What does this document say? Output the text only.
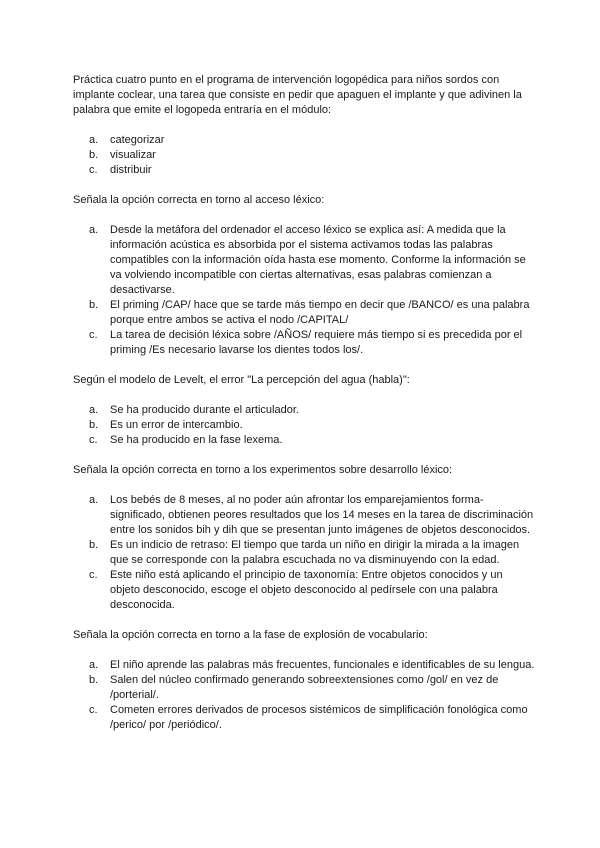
Práctica cuatro punto en el programa de intervención logopédica para niños sordos con implante coclear, una tarea que consiste en pedir que apaguen el implante y que adivinen la palabra que emite el logopeda entraría en el módulo:

a. categorizar
b. visualizar
c. distribuir

Señala la opción correcta en torno al acceso léxico:

a. Desde la metáfora del ordenador el acceso léxico se explica así: A medida que la información acústica es absorbida por el sistema activamos todas las palabras compatibles con la información oída hasta ese momento. Conforme la información se va volviendo incompatible con ciertas alternativas, esas palabras comienzan a desactivarse.
b. El priming /CAP/ hace que se tarde más tiempo en decir que /BANCO/ es una palabra porque entre ambos se activa el nodo /CAPITAL/
c. La tarea de decisión léxica sobre /AÑOS/ requiere más tiempo si es precedida por el priming /Es necesario lavarse los dientes todos los/.

Según el modelo de Levelt, el error "La percepción del agua (habla)":

a. Se ha producido durante el articulador.
b. Es un error de intercambio.
c. Se ha producido en la fase lexema.

Señala la opción correcta en torno a los experimentos sobre desarrollo léxico:

a. Los bebés de 8 meses, al no poder aún afrontar los emparejamientos forma-significado, obtienen peores resultados que los 14 meses en la tarea de discriminación entre los sonidos bih y dih que se presentan junto imágenes de objetos desconocidos.
b. Es un indicio de retraso: El tiempo que tarda un niño en dirigir la mirada a la imagen que se corresponde con la palabra escuchada no va disminuyendo con la edad.
c. Este niño está aplicando el principio de taxonomía: Entre objetos conocidos y un objeto desconocido, escoge el objeto desconocido al pedírsele con una palabra desconocida.

Señala la opción correcta en torno a la fase de explosión de vocabulario:

a. El niño aprende las palabras más frecuentes, funcionales e identificables de su lengua.
b. Salen del núcleo confirmado generando sobreextensiones como /gol/ en vez de /porterial/.
c. Cometen errores derivados de procesos sistémicos de simplificación fonológica como /perico/ por /periódico/.
